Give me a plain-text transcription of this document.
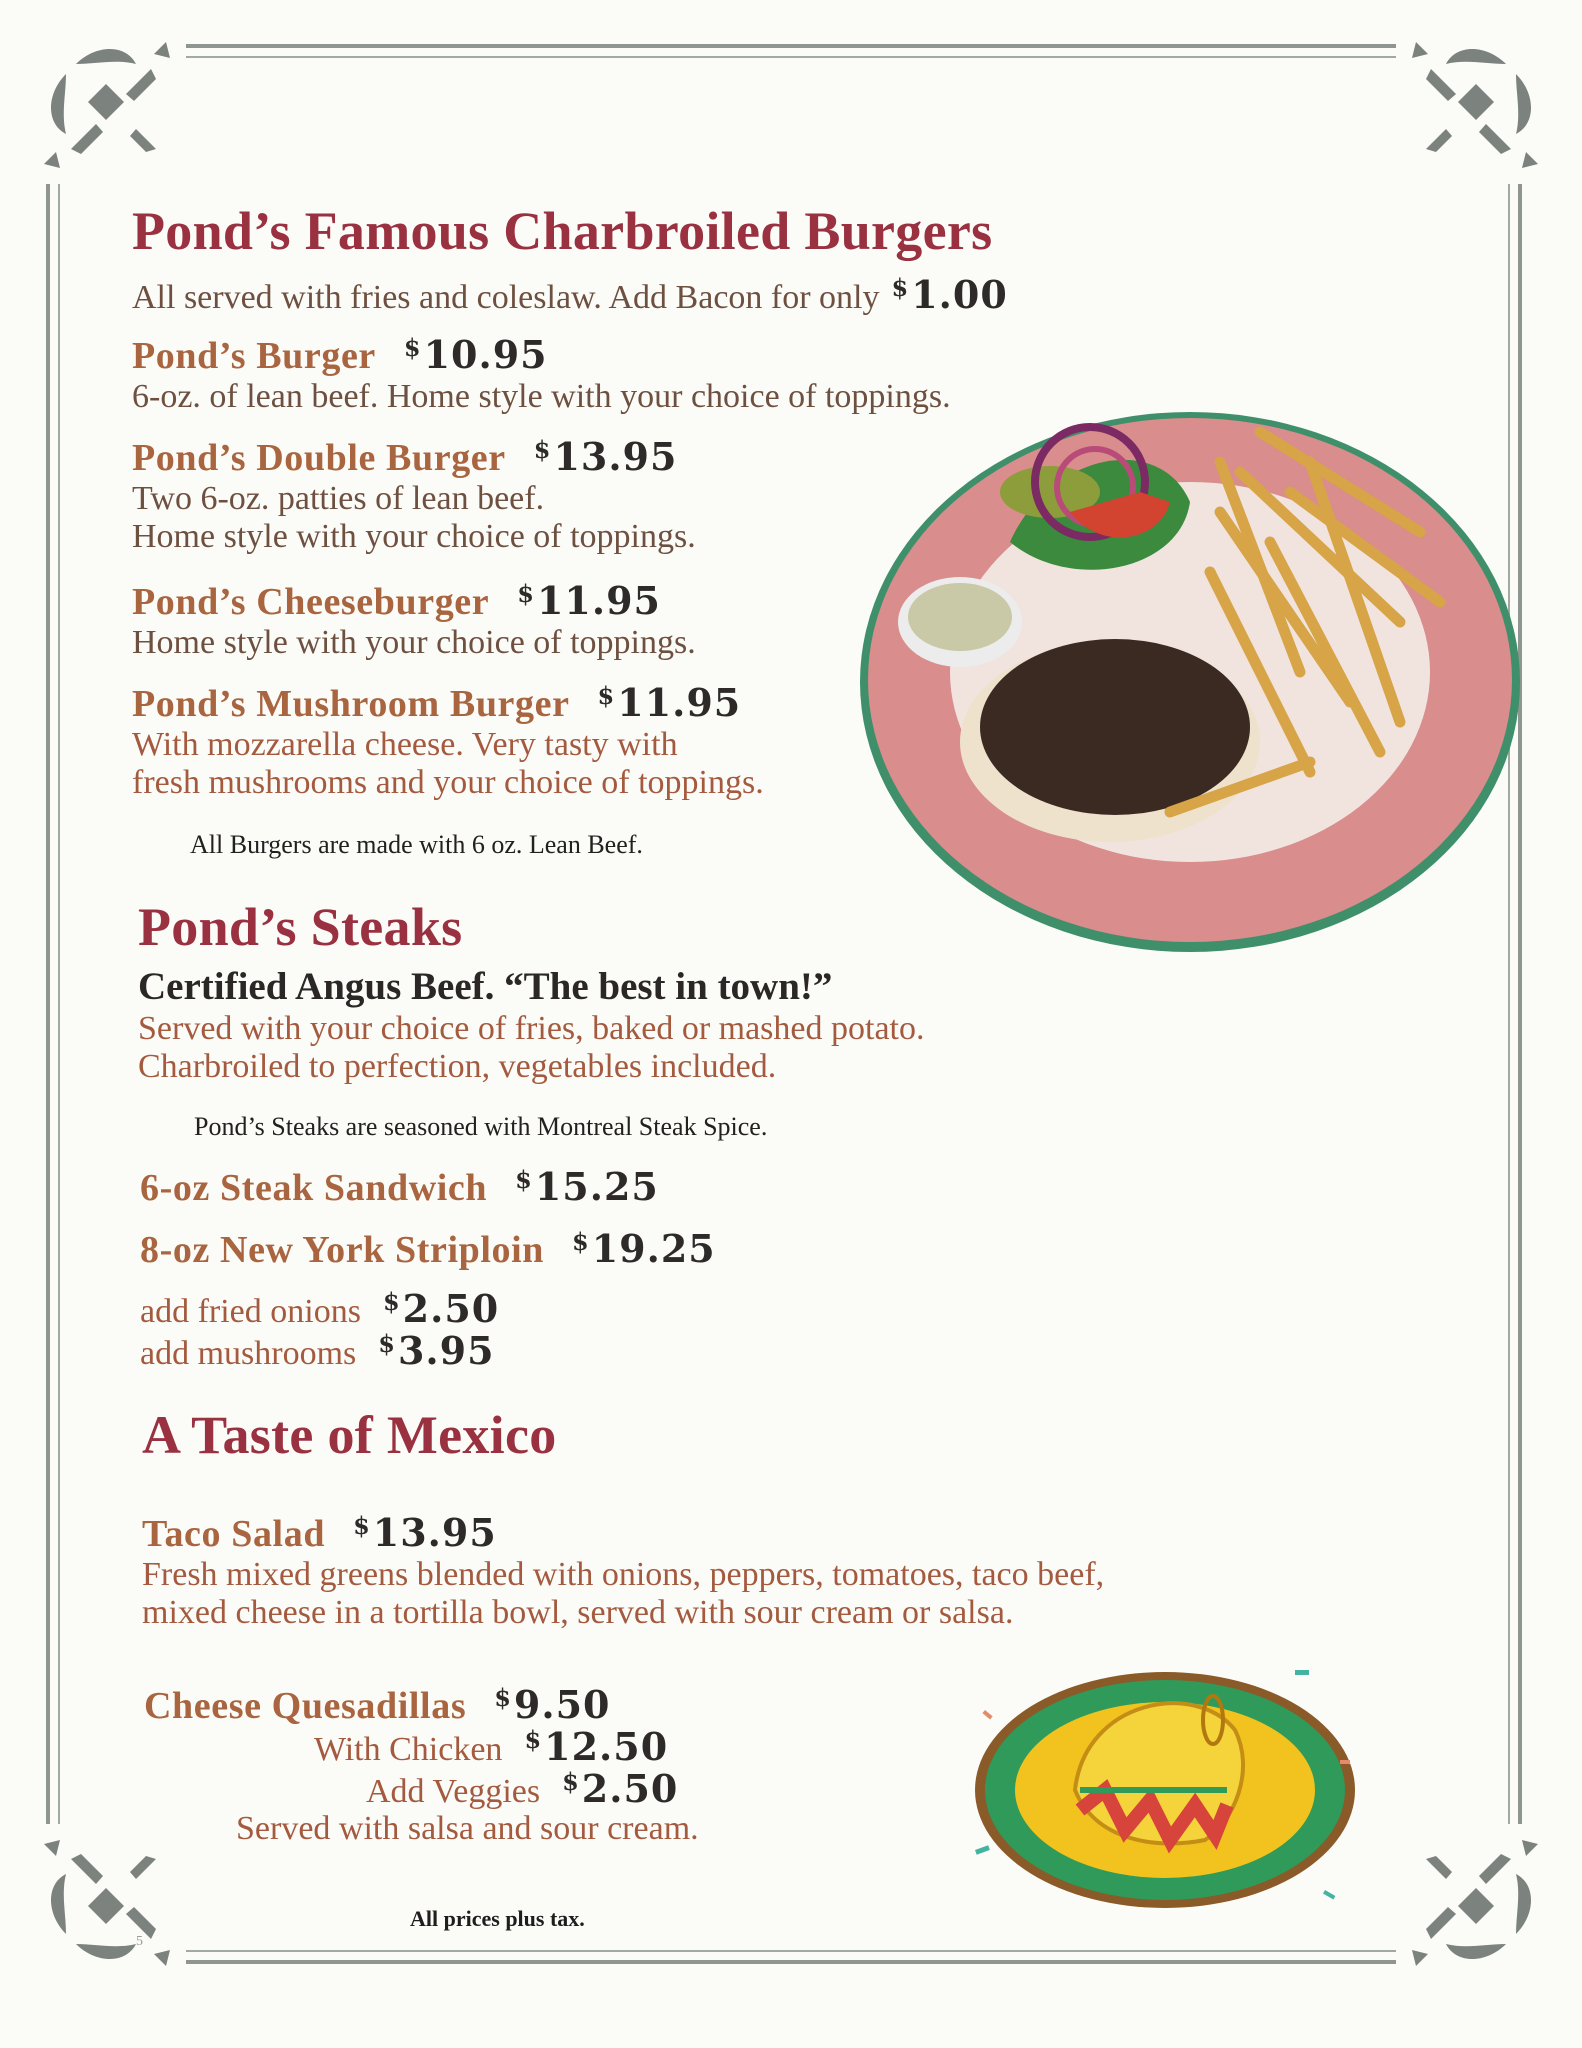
Pond’s Famous Charbroiled Burgers
All served with fries and coleslaw. Add Bacon for only $1.00
Pond’s Burger $10.95
6-oz. of lean beef. Home style with your choice of toppings.
Pond’s Double Burger $13.95
Two 6-oz. patties of lean beef.
Home style with your choice of toppings.
Pond’s Cheeseburger $11.95
Home style with your choice of toppings.
Pond’s Mushroom Burger $11.95
With mozzarella cheese. Very tasty with
fresh mushrooms and your choice of toppings.
All Burgers are made with 6 oz. Lean Beef.
Pond’s Steaks
Certified Angus Beef. “The best in town!”
Served with your choice of fries, baked or mashed potato.
Charbroiled to perfection, vegetables included.
Pond’s Steaks are seasoned with Montreal Steak Spice.
6-oz Steak Sandwich $15.25
8-oz New York Striploin $19.25
add fried onions $2.50
add mushrooms $3.95
A Taste of Mexico
Taco Salad $13.95
Fresh mixed greens blended with onions, peppers, tomatoes, taco beef,
mixed cheese in a tortilla bowl, served with sour cream or salsa.
Cheese Quesadillas $9.50
With Chicken $12.50
Add Veggies $2.50
Served with salsa and sour cream.
All prices plus tax.
5
